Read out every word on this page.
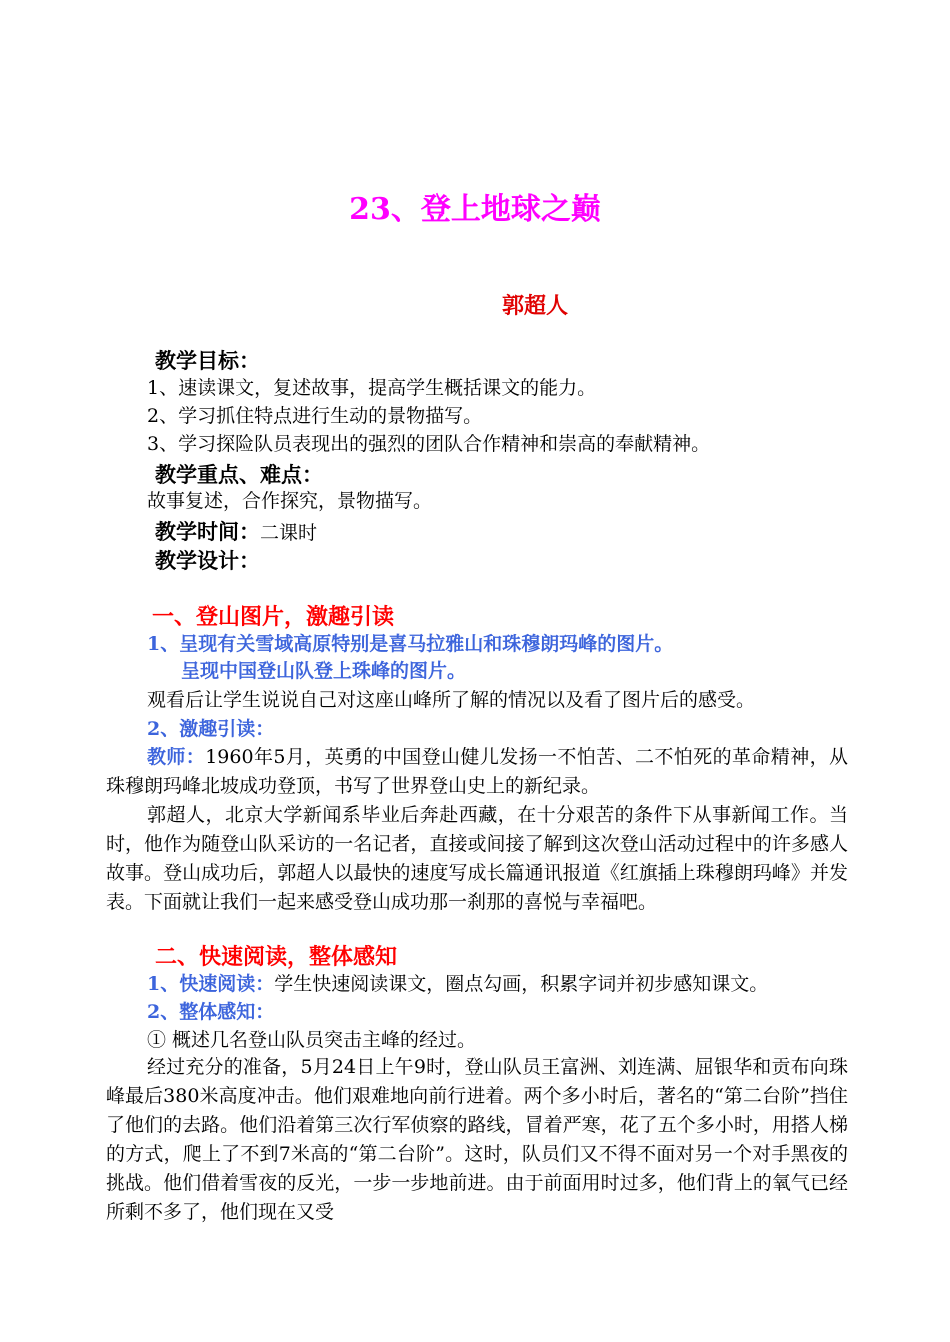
23、登上地球之巅
郭超人
教学目标：
1、速读课文，复述故事，提高学生概括课文的能力。
2、学习抓住特点进行生动的景物描写。
3、学习探险队员表现出的强烈的团队合作精神和崇高的奉献精神。
教学重点、难点：
故事复述，合作探究，景物描写。
教学时间：二课时
教学设计：
一、登山图片，激趣引读
1、呈现有关雪域高原特别是喜马拉雅山和珠穆朗玛峰的图片。
呈现中国登山队登上珠峰的图片。
观看后让学生说说自己对这座山峰所了解的情况以及看了图片后的感受。
2、激趣引读：
教师：1960年5月，英勇的中国登山健儿发扬一不怕苦、二不怕死的革命精神，从珠穆朗玛峰北坡成功登顶，书写了世界登山史上的新纪录。
郭超人，北京大学新闻系毕业后奔赴西藏，在十分艰苦的条件下从事新闻工作。当时，他作为随登山队采访的一名记者，直接或间接了解到这次登山活动过程中的许多感人故事。登山成功后，郭超人以最快的速度写成长篇通讯报道《红旗插上珠穆朗玛峰》并发表。下面就让我们一起来感受登山成功那一刹那的喜悦与幸福吧。
二、快速阅读，整体感知
1、快速阅读：学生快速阅读课文，圈点勾画，积累字词并初步感知课文。
2、整体感知：
① 概述几名登山队员突击主峰的经过。
经过充分的准备，5月24日上午9时，登山队员王富洲、刘连满、屈银华和贡布向珠峰最后380米高度冲击。他们艰难地向前行进着。两个多小时后，著名的“第二台阶”挡住了他们的去路。他们沿着第三次行军侦察的路线，冒着严寒，花了五个多小时，用搭人梯的方式，爬上了不到7米高的“第二台阶”。这时，队员们又不得不面对另一个对手黑夜的挑战。他们借着雪夜的反光，一步一步地前进。由于前面用时过多，他们背上的氧气已经所剩不多了，他们现在又受
